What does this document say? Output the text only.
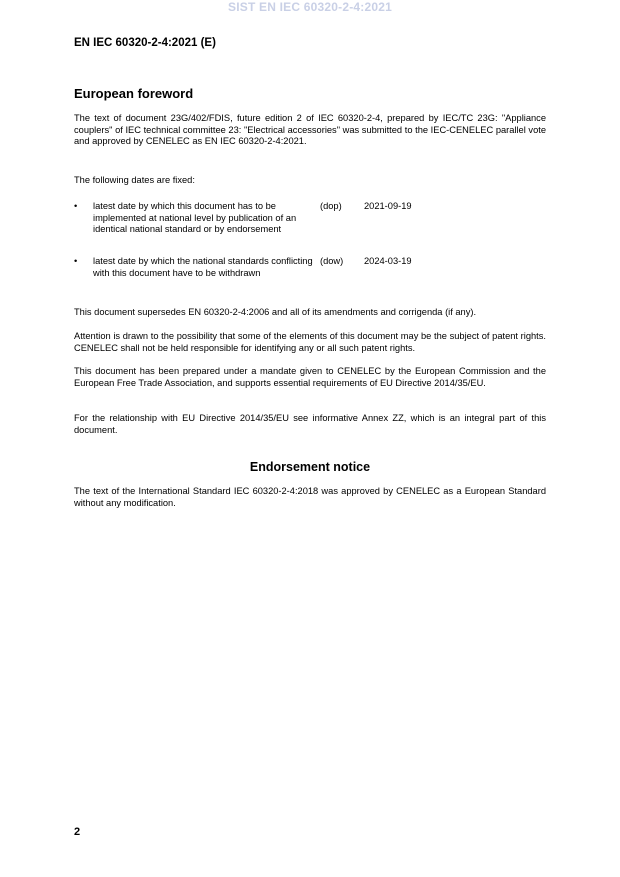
SIST EN IEC 60320-2-4:2021
EN IEC 60320-2-4:2021 (E)
European foreword
The text of document 23G/402/FDIS, future edition 2 of IEC 60320-2-4, prepared by IEC/TC 23G: "Appliance couplers" of IEC technical committee 23: "Electrical accessories" was submitted to the IEC-CENELEC parallel vote and approved by CENELEC as EN IEC 60320-2-4:2021.
The following dates are fixed:
• latest date by which this document has to be implemented at national level by publication of an identical national standard or by endorsement
(dop) 2021-09-19
• latest date by which the national standards conflicting with this document have to be withdrawn
(dow) 2024-03-19
This document supersedes EN 60320-2-4:2006 and all of its amendments and corrigenda (if any).
Attention is drawn to the possibility that some of the elements of this document may be the subject of patent rights. CENELEC shall not be held responsible for identifying any or all such patent rights.
This document has been prepared under a mandate given to CENELEC by the European Commission and the European Free Trade Association, and supports essential requirements of EU Directive 2014/35/EU.
For the relationship with EU Directive 2014/35/EU see informative Annex ZZ, which is an integral part of this document.
Endorsement notice
The text of the International Standard IEC 60320-2-4:2018 was approved by CENELEC as a European Standard without any modification.
2
